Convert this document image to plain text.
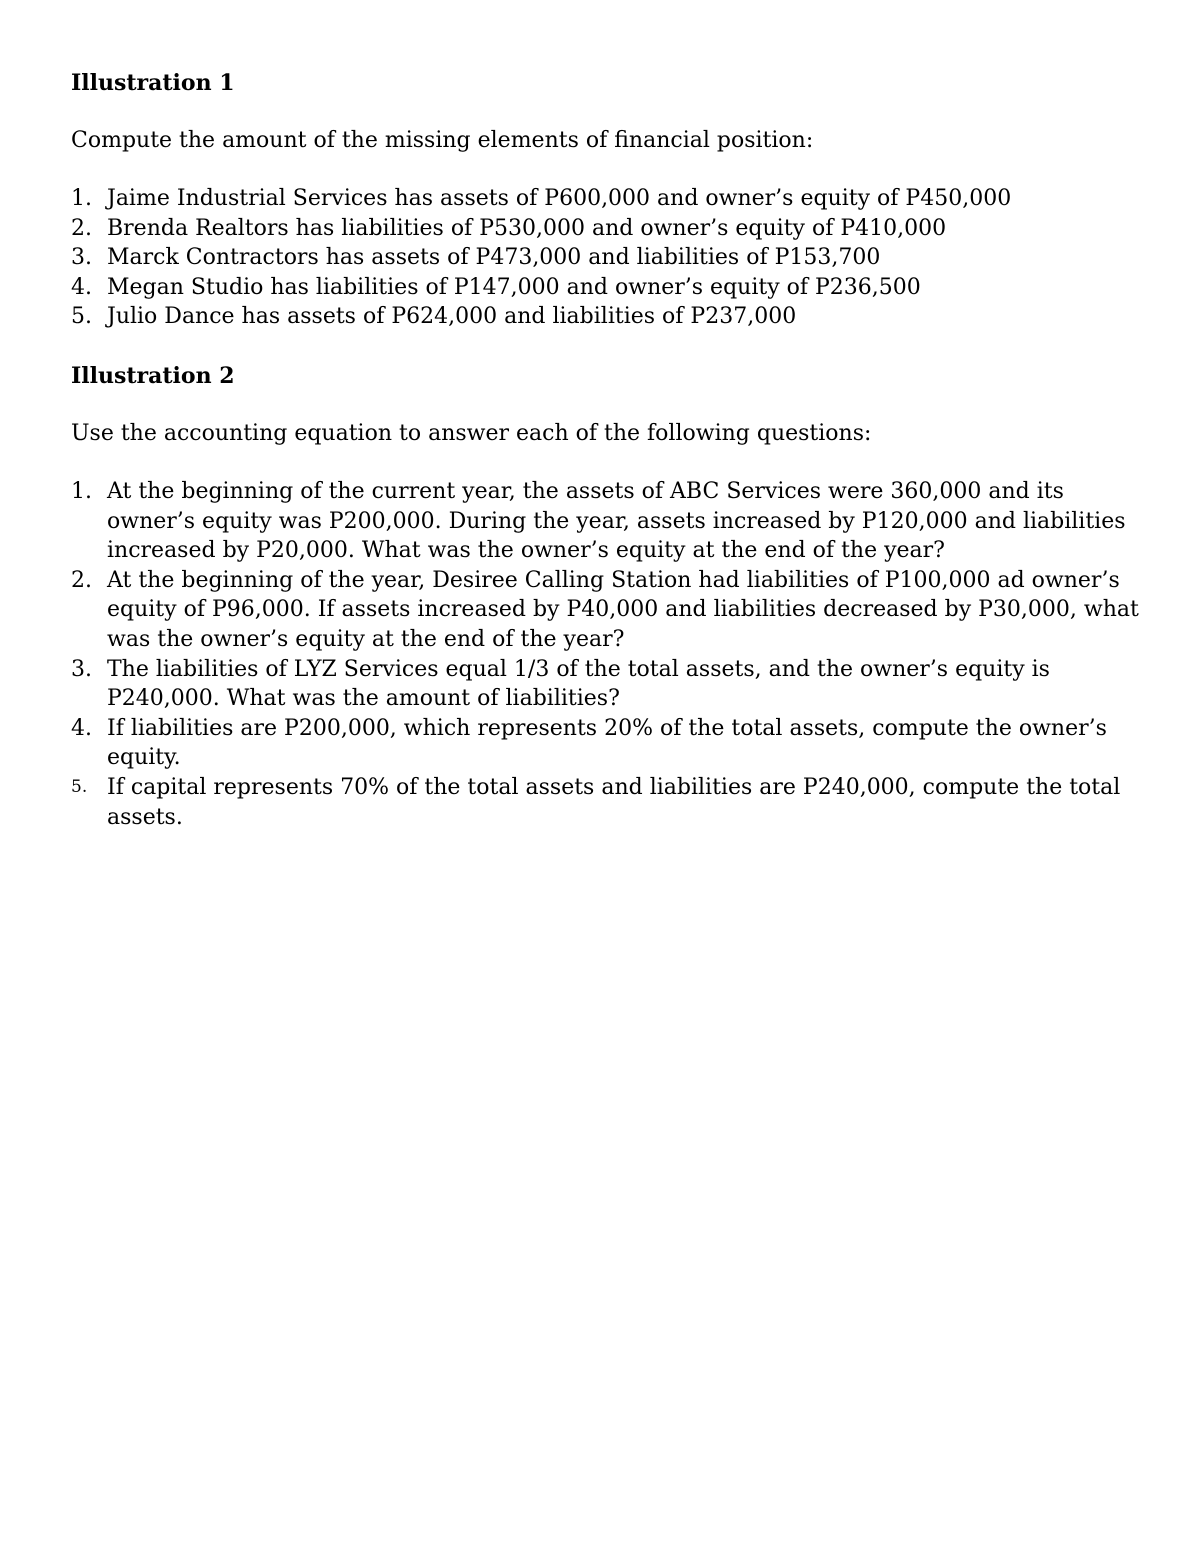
Illustration 1

Compute the amount of the missing elements of financial position:

1. Jaime Industrial Services has assets of P600,000 and owner’s equity of P450,000
2. Brenda Realtors has liabilities of P530,000 and owner’s equity of P410,000
3. Marck Contractors has assets of P473,000 and liabilities of P153,700
4. Megan Studio has liabilities of P147,000 and owner’s equity of P236,500
5. Julio Dance has assets of P624,000 and liabilities of P237,000
Illustration 2

Use the accounting equation to answer each of the following questions:

1. At the beginning of the current year, the assets of ABC Services were 360,000 and its owner’s equity was P200,000. During the year, assets increased by P120,000 and liabilities increased by P20,000. What was the owner’s equity at the end of the year?
2. At the beginning of the year, Desiree Calling Station had liabilities of P100,000 ad owner’s equity of P96,000. If assets increased by P40,000 and liabilities decreased by P30,000, what was the owner’s equity at the end of the year?
3. The liabilities of LYZ Services equal 1/3 of the total assets, and the owner’s equity is P240,000. What was the amount of liabilities?
4. If liabilities are P200,000, which represents 20% of the total assets, compute the owner’s equity.
5. If capital represents 70% of the total assets and liabilities are P240,000, compute the total assets.
